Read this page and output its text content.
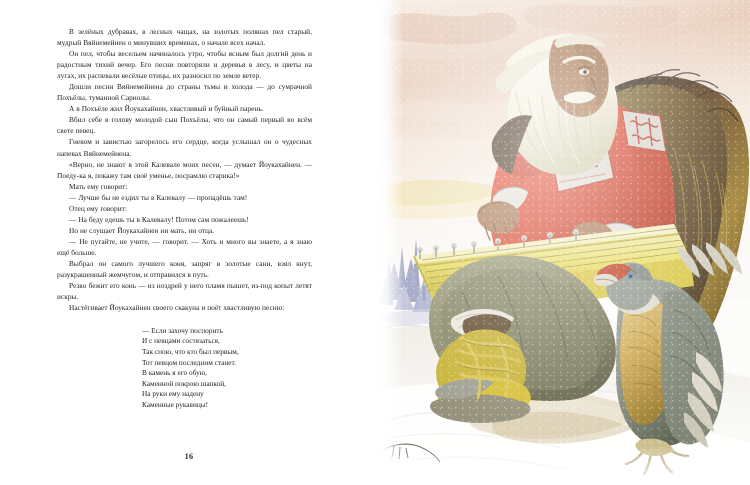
В зелёных дубравах, в лесных чащах, на золотых полянах пел старый, мудрый Вяйнемейнен о минувших временах, о начале всех начал.

Он пел, чтобы весельем начиналось утро, чтобы ясным был долгий день и радостным тихий вечер. Его песни повторяли и деревья в лесу, и цветы на лугах, их распевали весёлые птицы, их разносил по земле ветер.

Дошли песни Вяйнемейнена до страны тьмы и холода — до сумрачной Похъёлы, туманной Сариолы.

А в Похъёле жил Йоукахайнен, хвастливый и буйный парень.

Вбил себе в голову молодой сын Похъёлы, что он самый первый во всём свете певец.

Гневом и завистью загорелось его сердце, когда услышал он о чудесных напевах Вяйнемейнена.

«Верно, не знают в этой Калевале моих песен, — думает Йоукахайнен. — Поеду-ка я, покажу там своё уменье, посрамлю старика!»

Мать ему говорит:

— Лучше бы не ездил ты в Калевалу — пропадёшь там!

Отец ему говорит:

— На беду едешь ты в Калевалу! Потом сам пожалеешь!

Но не слушает Йоукахайнен ни мать, ни отца.

— Не пугайте, не учите, — говорит. — Хоть и много вы знаете, а я знаю ещё больше.

Выбрал он самого лучшего коня, запряг в золотые сани, взял кнут, разукрашенный жемчугом, и отправился в путь.

Резво бежит его конь — из ноздрей у него пламя пышет, из-под копыт летят искры.

Настёгивает Йоукахайнен своего скакуна и поёт хвастливую песню:

— Если захочу поспорить
И с певцами состязаться,
Так спою, что кто был первым,
Тот певцом последним станет.
В камень я его обую,
Каменной покрою шапкой,
На руки ему надену
Каменные рукавицы!
16
